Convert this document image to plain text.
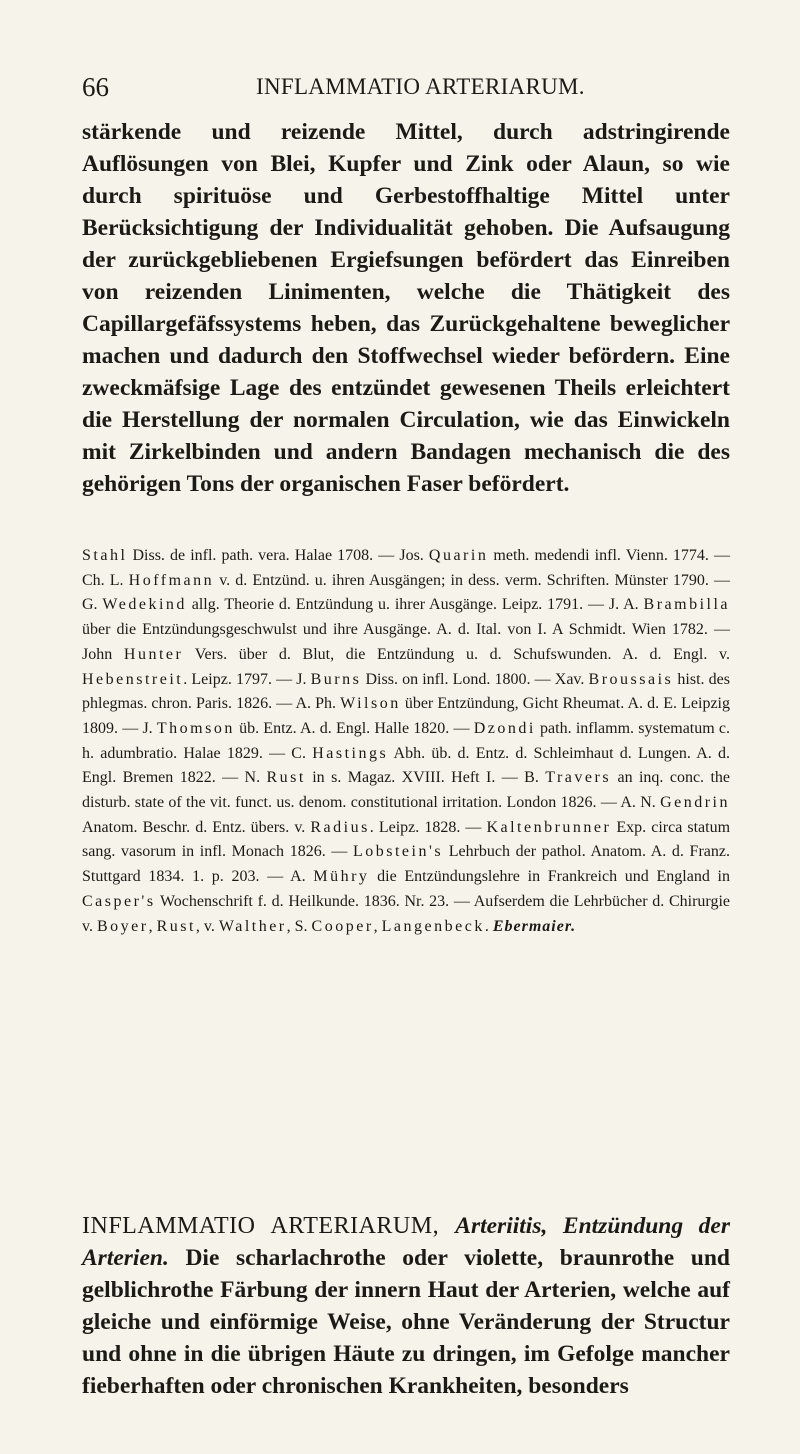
66	INFLAMMATIO ARTERIARUM.

stärkende und reizende Mittel, durch adstringirende Auflösungen von Blei, Kupfer und Zink oder Alaun, so wie durch spirituöse und Gerbestoffhaltige Mittel unter Berücksichtigung der Individualität gehoben. Die Aufsaugung der zurückgebliebenen Ergiefsungen befördert das Einreiben von reizenden Linimenten, welche die Thätigkeit des Capillargefäfssystems heben, das Zurückgehaltene beweglicher machen und dadurch den Stoffwechsel wieder befördern. Eine zweckmäfsige Lage des entzündet gewesenen Theils erleichtert die Herstellung der normalen Circulation, wie das Einwickeln mit Zirkelbinden und andern Bandagen mechanisch die des gehörigen Tons der organischen Faser befördert.

Stahl Diss. de infl. path. vera. Halae 1708. — Jos. Quarin meth. medendi infl. Vienn. 1774. — Ch. L. Hoffmann v. d. Entzünd. u. ihren Ausgängen; in dess. verm. Schriften. Münster 1790. — G. Wedekind allg. Theorie d. Entzündung u. ihrer Ausgänge. Leipz. 1791. — J. A. Brambilla über die Entzündungsgeschwulst und ihre Ausgänge. A. d. Ital. von I. A Schmidt. Wien 1782. — John Hunter Vers. über d. Blut, die Entzündung u. d. Schufswunden. A. d. Engl. v. Hebenstreit. Leipz. 1797. — J. Burns Diss. on infl. Lond. 1800. — Xav. Broussais hist. des phlegmas. chron. Paris. 1826. — A. Ph. Wilson über Entzündung, Gicht Rheumat. A. d. E. Leipzig 1809. — J. Thomson üb. Entz. A. d. Engl. Halle 1820. — Dzondi path. inflamm. systematum c. h. adumbratio. Halae 1829. — C. Hastings Abh. üb. d. Entz. d. Schleimhaut d. Lungen. A. d. Engl. Bremen 1822. — N. Rust in s. Magaz. XVIII. Heft I. — B. Travers an inq. conc. the disturb. state of the vit. funct. us. denom. constitutional irritation. London 1826. — A. N. Gendrin Anatom. Beschr. d. Entz. übers. v. Radius. Leipz. 1828. — Kaltenbrunner Exp. circa statum sang. vasorum in infl. Monach 1826. — Lobstein's Lehrbuch der pathol. Anatom. A. d. Franz. Stuttgard 1834. 1. p. 203. — A. Mühry die Entzündungslehre in Frankreich und England in Casper's Wochenschrift f. d. Heilkunde. 1836. Nr. 23. — Aufserdem die Lehrbücher d. Chirurgie v. Boyer, Rust, v. Walther, S. Cooper, Langenbeck. Ebermaier.

INFLAMMATIO ARTERIARUM, Arteriitis, Entzündung der Arterien. Die scharlachrothe oder violette, braunrothe und gelblichrothe Färbung der innern Haut der Arterien, welche auf gleiche und einförmige Weise, ohne Veränderung der Structur und ohne in die übrigen Häute zu dringen, im Gefolge mancher fieberhaften oder chronischen Krankheiten, besonders
